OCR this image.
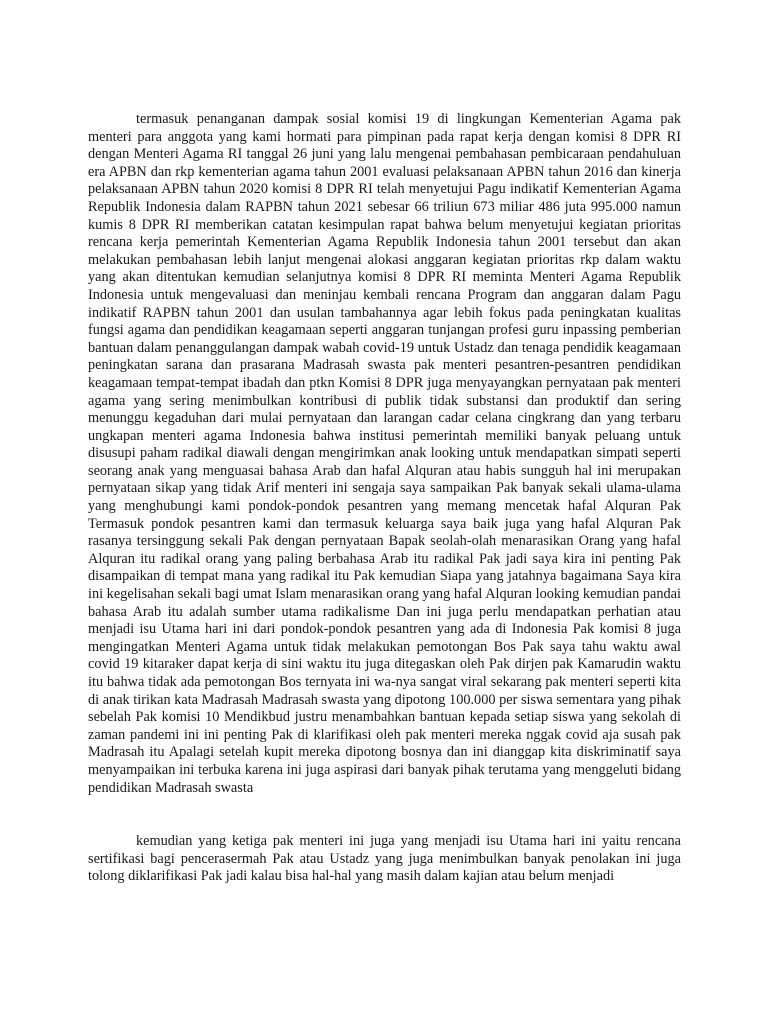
termasuk penanganan dampak sosial komisi 19 di lingkungan Kementerian Agama pak menteri para anggota yang kami hormati para pimpinan pada rapat kerja dengan komisi 8 DPR RI dengan Menteri Agama RI tanggal 26 juni yang lalu mengenai pembahasan pembicaraan pendahuluan era APBN dan rkp kementerian agama tahun 2001 evaluasi pelaksanaan APBN tahun 2016 dan kinerja pelaksanaan APBN tahun 2020 komisi 8 DPR RI telah menyetujui Pagu indikatif Kementerian Agama Republik Indonesia dalam RAPBN tahun 2021 sebesar 66 triliun 673 miliar 486 juta 995.000 namun kumis 8 DPR RI memberikan catatan kesimpulan rapat bahwa belum menyetujui kegiatan prioritas rencana kerja pemerintah Kementerian Agama Republik Indonesia tahun 2001 tersebut dan akan melakukan pembahasan lebih lanjut mengenai alokasi anggaran kegiatan prioritas rkp dalam waktu yang akan ditentukan kemudian selanjutnya komisi 8 DPR RI meminta Menteri Agama Republik Indonesia untuk mengevaluasi dan meninjau kembali rencana Program dan anggaran dalam Pagu indikatif RAPBN tahun 2001 dan usulan tambahannya agar lebih fokus pada peningkatan kualitas fungsi agama dan pendidikan keagamaan seperti anggaran tunjangan profesi guru inpassing pemberian bantuan dalam penanggulangan dampak wabah covid-19 untuk Ustadz dan tenaga pendidik keagamaan peningkatan sarana dan prasarana Madrasah swasta pak menteri pesantren-pesantren pendidikan keagamaan tempat-tempat ibadah dan ptkn Komisi 8 DPR juga menyayangkan pernyataan pak menteri agama yang sering menimbulkan kontribusi di publik tidak substansi dan produktif dan sering menunggu kegaduhan dari mulai pernyataan dan larangan cadar celana cingkrang dan yang terbaru ungkapan menteri agama Indonesia bahwa institusi pemerintah memiliki banyak peluang untuk disusupi paham radikal diawali dengan mengirimkan anak looking untuk mendapatkan simpati seperti seorang anak yang menguasai bahasa Arab dan hafal Alquran atau habis sungguh hal ini merupakan pernyataan sikap yang tidak Arif menteri ini sengaja saya sampaikan Pak banyak sekali ulama-ulama yang menghubungi kami pondok-pondok pesantren yang memang mencetak hafal Alquran Pak Termasuk pondok pesantren kami dan termasuk keluarga saya baik juga yang hafal Alquran Pak rasanya tersinggung sekali Pak dengan pernyataan Bapak seolah-olah menarasikan Orang yang hafal Alquran itu radikal orang yang paling berbahasa Arab itu radikal Pak jadi saya kira ini penting Pak disampaikan di tempat mana yang radikal itu Pak kemudian Siapa yang jatahnya bagaimana Saya kira ini kegelisahan sekali bagi umat Islam menarasikan orang yang hafal Alquran looking kemudian pandai bahasa Arab itu adalah sumber utama radikalisme Dan ini juga perlu mendapatkan perhatian atau menjadi isu Utama hari ini dari pondok-pondok pesantren yang ada di Indonesia Pak komisi 8 juga mengingatkan Menteri Agama untuk tidak melakukan pemotongan Bos Pak saya tahu waktu awal covid 19 kitaraker dapat kerja di sini waktu itu juga ditegaskan oleh Pak dirjen pak Kamarudin waktu itu bahwa tidak ada pemotongan Bos ternyata ini wa-nya sangat viral sekarang pak menteri seperti kita di anak tirikan kata Madrasah Madrasah swasta yang dipotong 100.000 per siswa sementara yang pihak sebelah Pak komisi 10 Mendikbud justru menambahkan bantuan kepada setiap siswa yang sekolah di zaman pandemi ini ini penting Pak di klarifikasi oleh pak menteri mereka nggak covid aja susah pak Madrasah itu Apalagi setelah kupit mereka dipotong bosnya dan ini dianggap kita diskriminatif saya menyampaikan ini terbuka karena ini juga aspirasi dari banyak pihak terutama yang menggeluti bidang pendidikan Madrasah swasta

kemudian yang ketiga pak menteri ini juga yang menjadi isu Utama hari ini yaitu rencana sertifikasi bagi pencerasermah Pak atau Ustadz yang juga menimbulkan banyak penolakan ini juga tolong diklarifikasi Pak jadi kalau bisa hal-hal yang masih dalam kajian atau belum menjadi
